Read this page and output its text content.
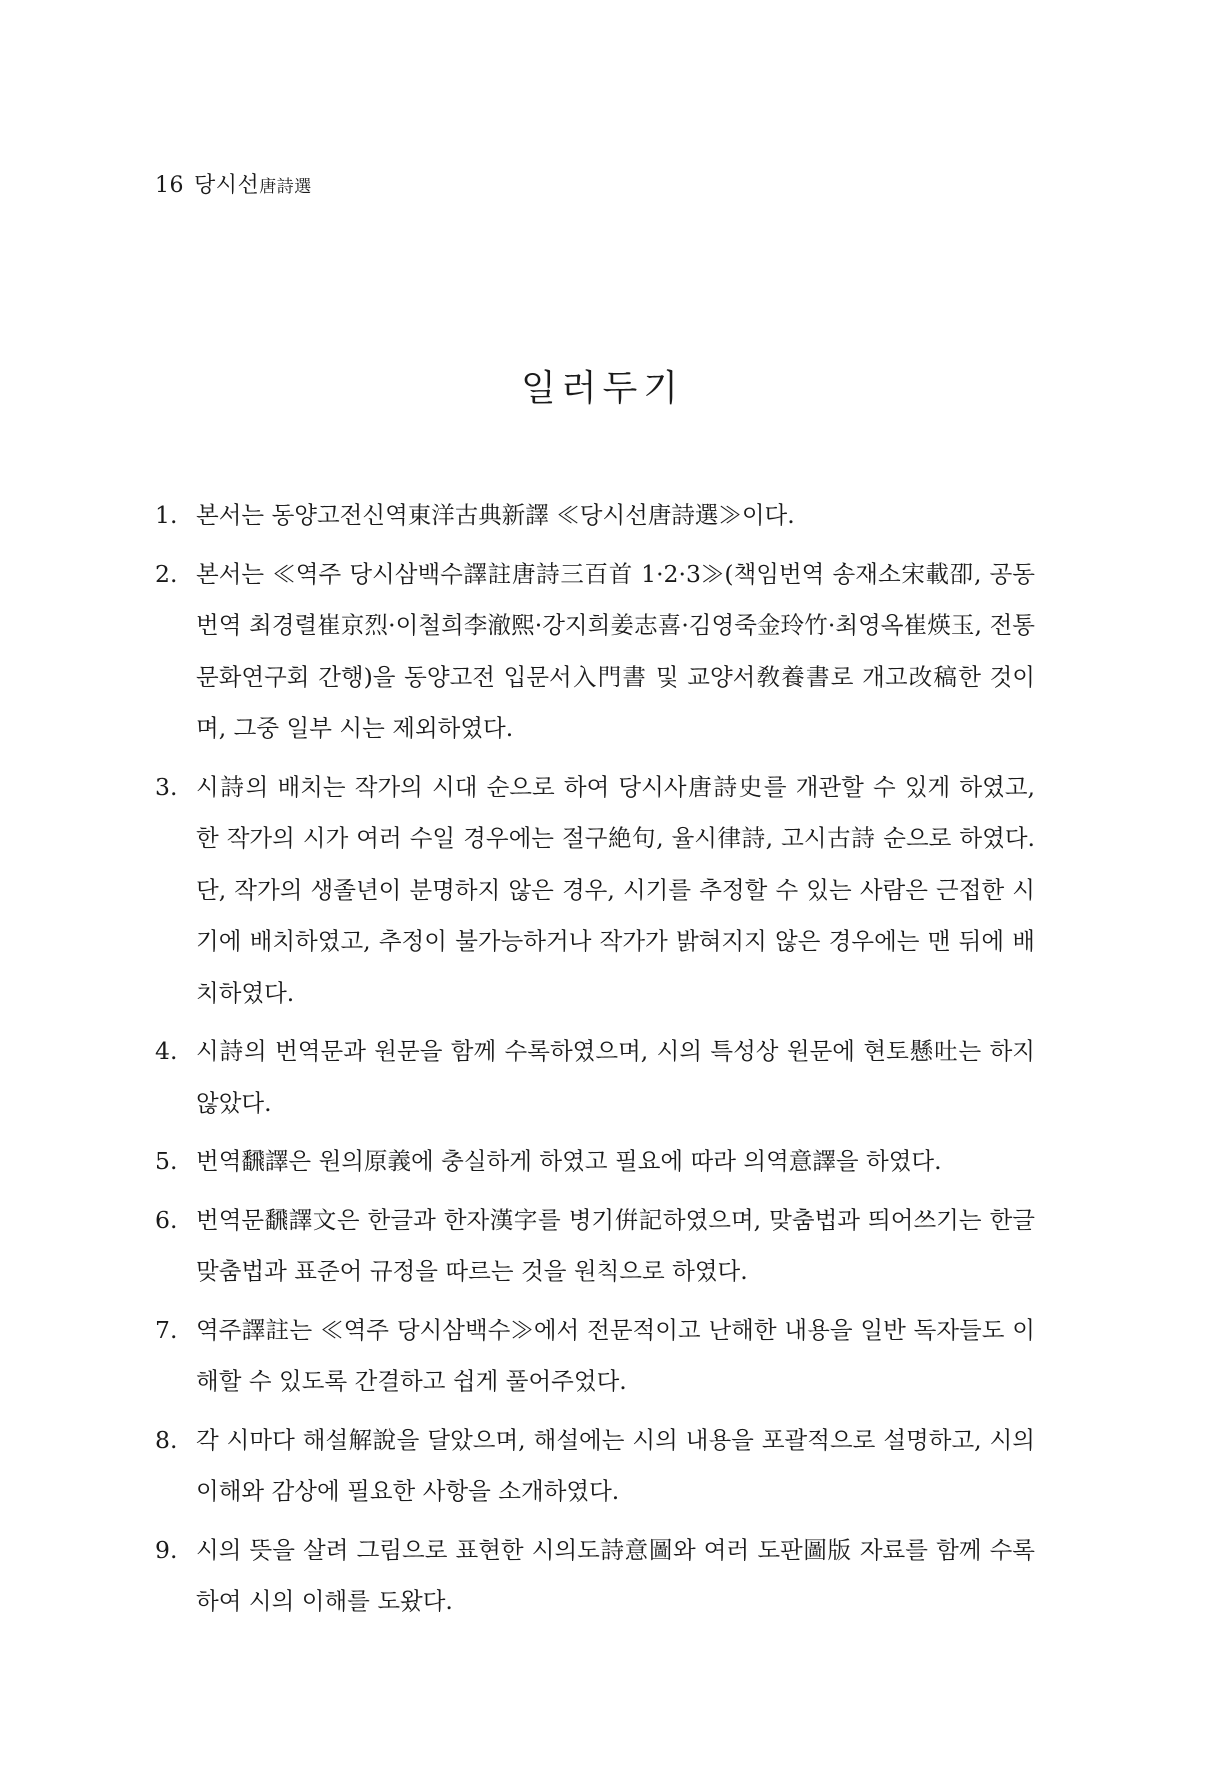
16 당시선唐詩選
일러두기
1. 본서는 동양고전신역東洋古典新譯 ≪당시선唐詩選≫이다.
2. 본서는 ≪역주 당시삼백수譯註唐詩三百首 1·2·3≫(책임번역 송재소宋載卲, 공동번역 최경렬崔京烈·이철희李澈熙·강지희姜志喜·김영죽金玲竹·최영옥崔煐玉, 전통문화연구회 간행)을 동양고전 입문서入門書 및 교양서敎養書로 개고改稿한 것이며, 그중 일부 시는 제외하였다.
3. 시詩의 배치는 작가의 시대 순으로 하여 당시사唐詩史를 개관할 수 있게 하였고, 한 작가의 시가 여러 수일 경우에는 절구絶句, 율시律詩, 고시古詩 순으로 하였다. 단, 작가의 생졸년이 분명하지 않은 경우, 시기를 추정할 수 있는 사람은 근접한 시기에 배치하였고, 추정이 불가능하거나 작가가 밝혀지지 않은 경우에는 맨 뒤에 배치하였다.
4. 시詩의 번역문과 원문을 함께 수록하였으며, 시의 특성상 원문에 현토懸吐는 하지 않았다.
5. 번역飜譯은 원의原義에 충실하게 하였고 필요에 따라 의역意譯을 하였다.
6. 번역문飜譯文은 한글과 한자漢字를 병기倂記하였으며, 맞춤법과 띄어쓰기는 한글 맞춤법과 표준어 규정을 따르는 것을 원칙으로 하였다.
7. 역주譯註는 ≪역주 당시삼백수≫에서 전문적이고 난해한 내용을 일반 독자들도 이해할 수 있도록 간결하고 쉽게 풀어주었다.
8. 각 시마다 해설解說을 달았으며, 해설에는 시의 내용을 포괄적으로 설명하고, 시의 이해와 감상에 필요한 사항을 소개하였다.
9. 시의 뜻을 살려 그림으로 표현한 시의도詩意圖와 여러 도판圖版 자료를 함께 수록하여 시의 이해를 도왔다.
